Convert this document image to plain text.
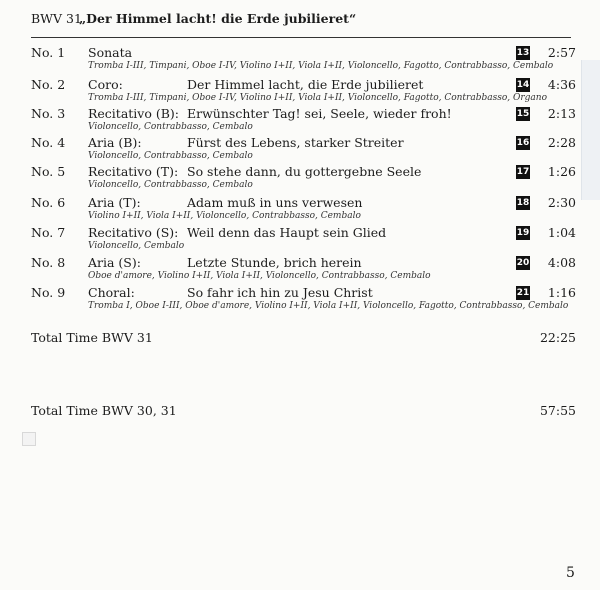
BWV 31 „Der Himmel lacht! die Erde jubilieret“
No. 1 Sonata
Tromba I-III, Timpani, Oboe I-IV, Violino I+II, Viola I+II, Violoncello, Fagotto, Contrabbasso, Cembalo
13 2:57
No. 2 Coro:	Der Himmel lacht, die Erde jubilieret
Tromba I-III, Timpani, Oboe I-IV, Violino I+II, Viola I+II, Violoncello, Fagotto, Contrabbasso, Organo
14 4:36
No. 3 Recitativo (B): Erwünschter Tag! sei, Seele, wieder froh!
Violoncello, Contrabbasso, Cembalo
15 2:13
No. 4 Aria (B):	Fürst des Lebens, starker Streiter
Violoncello, Contrabbasso, Cembalo
16 2:28
No. 5 Recitativo (T): So stehe dann, du gottergebne Seele
Violoncello, Contrabbasso, Cembalo
17 1:26
No. 6 Aria (T):	Adam muß in uns verwesen
Violino I+II, Viola I+II, Violoncello, Contrabbasso, Cembalo
18 2:30
No. 7 Recitativo (S): Weil denn das Haupt sein Glied
Violoncello, Cembalo
19 1:04
No. 8 Aria (S):	Letzte Stunde, brich herein
Oboe d'amore, Violino I+II, Viola I+II, Violoncello, Contrabbasso, Cembalo
20 4:08
No. 9 Choral:	So fahr ich hin zu Jesu Christ
Tromba I, Oboe I-III, Oboe d'amore, Violino I+II, Viola I+II, Violoncello, Fagotto, Contrabbasso, Cembalo
21 1:16
Total Time BWV 31	22:25
Total Time BWV 30, 31	57:55
5
